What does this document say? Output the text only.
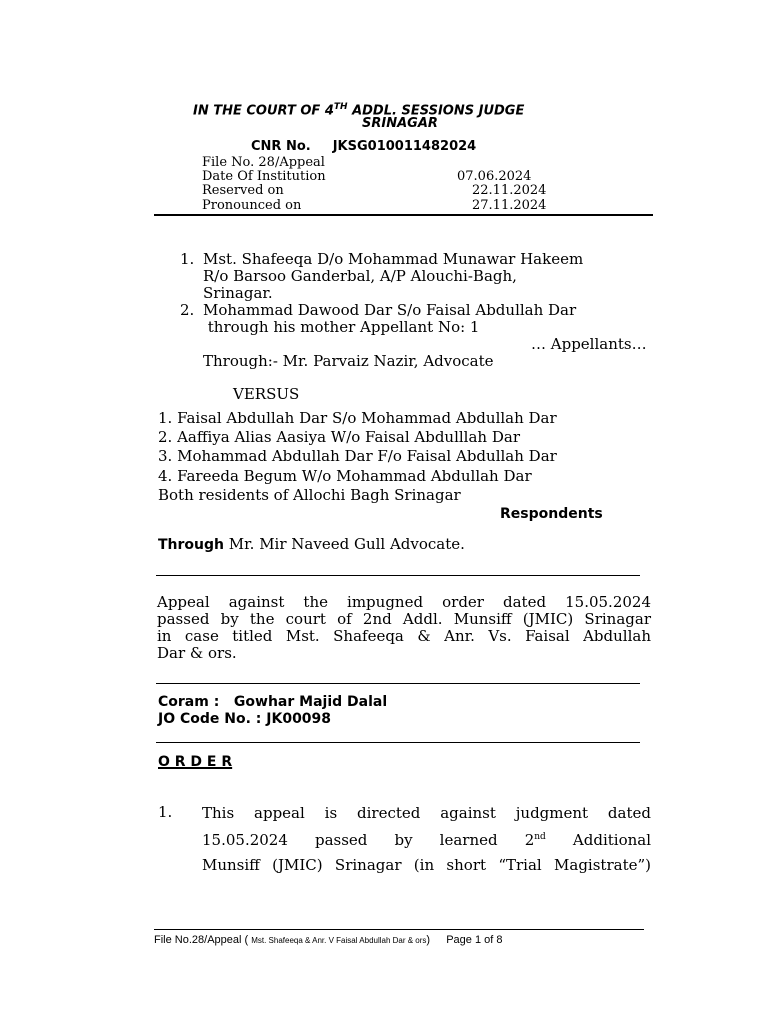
IN THE COURT OF 4TH ADDL. SESSIONS JUDGE
SRINAGAR
CNR No. JKSG010011482024
File No. 28/Appeal
Date Of Institution	07.06.2024
Reserved on	22.11.2024
Pronounced on	27.11.2024
1. Mst. Shafeeqa D/o Mohammad Munawar Hakeem
R/o Barsoo Ganderbal, A/P Alouchi-Bagh,
Srinagar.
2. Mohammad Dawood Dar S/o Faisal Abdullah Dar
through his mother Appellant No: 1
… Appellants…
Through:- Mr. Parvaiz Nazir, Advocate
VERSUS
1. Faisal Abdullah Dar S/o Mohammad Abdullah Dar
2. Aaffiya Alias Aasiya W/o Faisal Abdulllah Dar
3. Mohammad Abdullah Dar F/o Faisal Abdullah Dar
4. Fareeda Begum W/o Mohammad Abdullah Dar
Both residents of Allochi Bagh Srinagar
Respondents
Through Mr. Mir Naveed Gull Advocate.
Appeal against the impugned order dated 15.05.2024
passed by the court of 2nd Addl. Munsiff (JMIC) Srinagar
in case titled Mst. Shafeeqa & Anr. Vs. Faisal Abdullah
Dar & ors.
Coram :   Gowhar Majid Dalal
JO Code No. : JK00098
O R D E R
1. This appeal is directed against judgment dated
15.05.2024 passed by learned 2nd Additional
Munsiff (JMIC) Srinagar (in short “Trial Magistrate”)
File No.28/Appeal ( Mst. Shafeeqa & Anr. V Faisal Abdullah Dar & ors) Page 1 of 8
